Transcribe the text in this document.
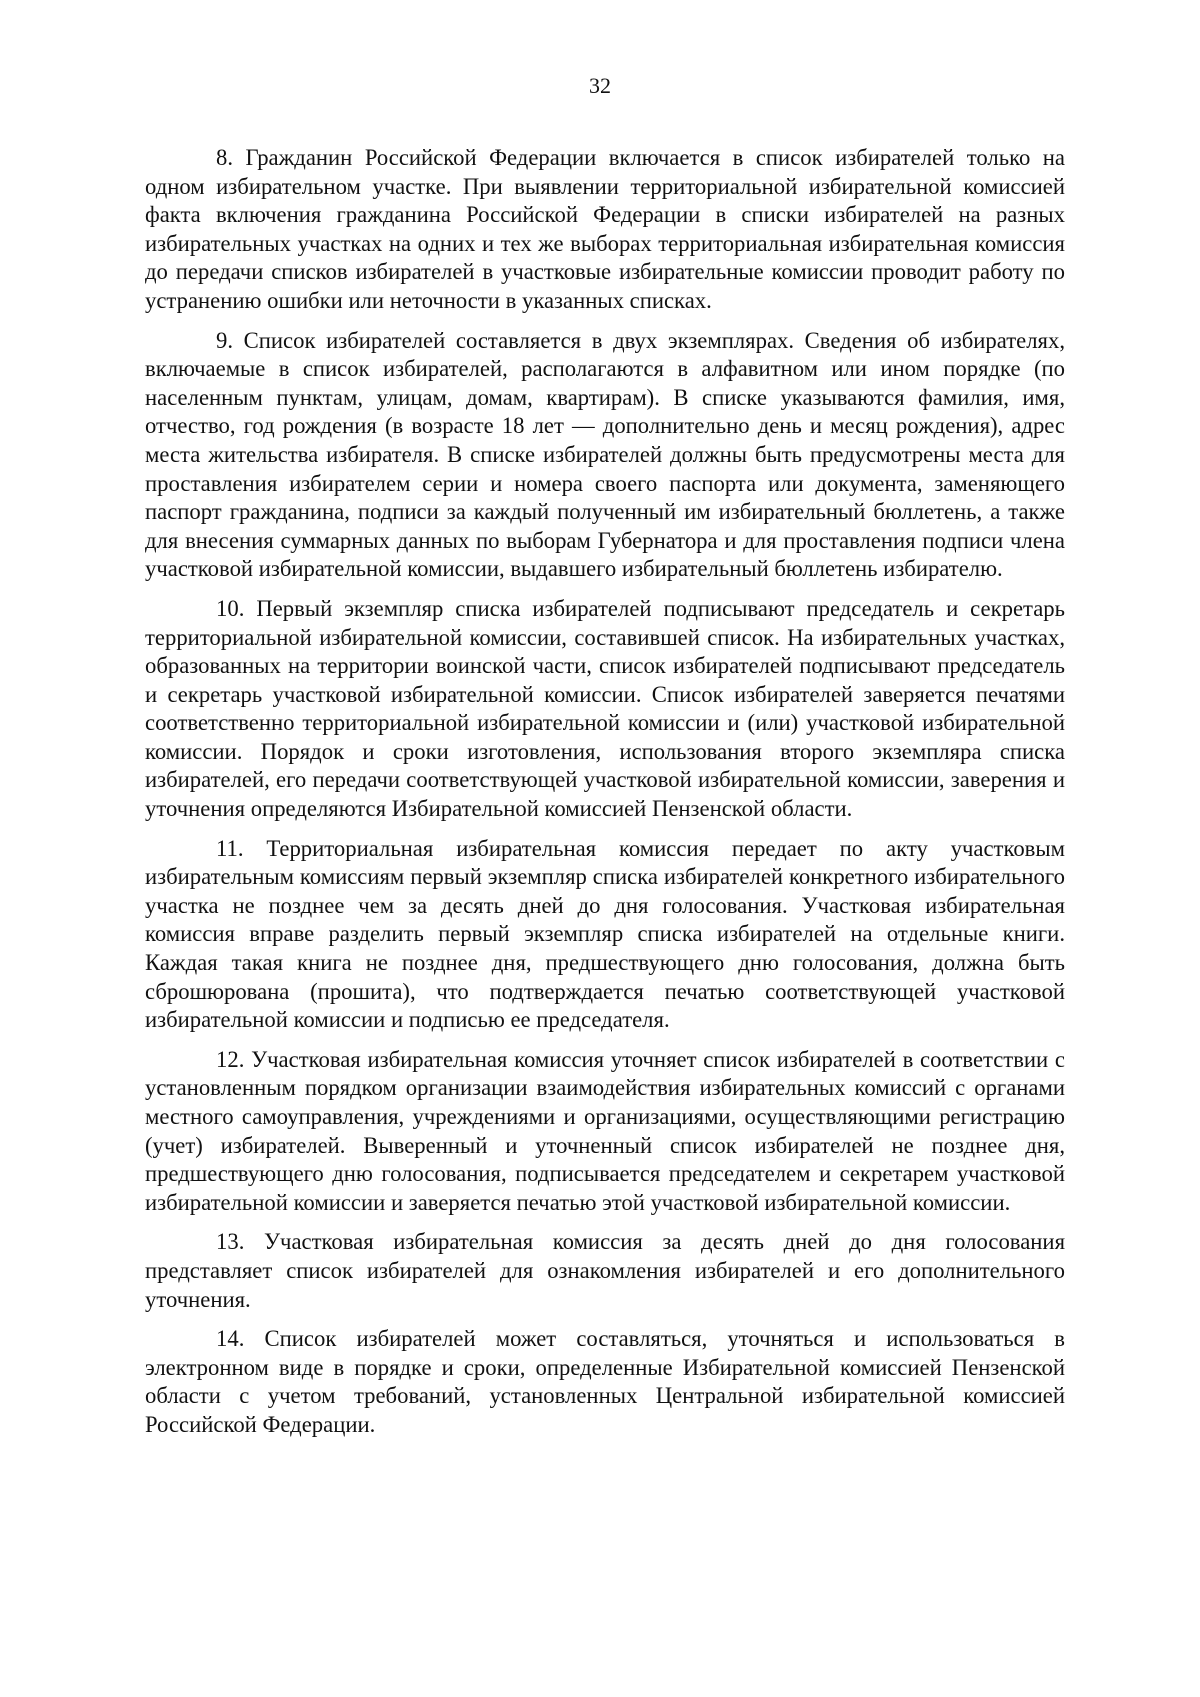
32

8. Гражданин Российской Федерации включается в список избирателей только на одном избирательном участке. При выявлении территориальной избирательной комиссией факта включения гражданина Российской Федерации в списки избирателей на разных избирательных участках на одних и тех же выборах территориальная избирательная комиссия до передачи списков избирателей в участковые избирательные комиссии проводит работу по устранению ошибки или неточности в указанных списках.

9. Список избирателей составляется в двух экземплярах. Сведения об избирателях, включаемые в список избирателей, располагаются в алфавитном или ином порядке (по населенным пунктам, улицам, домам, квартирам). В списке указываются фамилия, имя, отчество, год рождения (в возрасте 18 лет — дополнительно день и месяц рождения), адрес места жительства избирателя. В списке избирателей должны быть предусмотрены места для проставления избирателем серии и номера своего паспорта или документа, заменяющего паспорт гражданина, подписи за каждый полученный им избирательный бюллетень, а также для внесения суммарных данных по выборам Губернатора и для проставления подписи члена участковой избирательной комиссии, выдавшего избирательный бюллетень избирателю.

10. Первый экземпляр списка избирателей подписывают председатель и секретарь территориальной избирательной комиссии, составившей список. На избирательных участках, образованных на территории воинской части, список избирателей подписывают председатель и секретарь участковой избирательной комиссии. Список избирателей заверяется печатями соответственно территориальной избирательной комиссии и (или) участковой избирательной комиссии. Порядок и сроки изготовления, использования второго экземпляра списка избирателей, его передачи соответствующей участковой избирательной комиссии, заверения и уточнения определяются Избирательной комиссией Пензенской области.

11. Территориальная избирательная комиссия передает по акту участковым избирательным комиссиям первый экземпляр списка избирателей конкретного избирательного участка не позднее чем за десять дней до дня голосования. Участковая избирательная комиссия вправе разделить первый экземпляр списка избирателей на отдельные книги. Каждая такая книга не позднее дня, предшествующего дню голосования, должна быть сброшюрована (прошита), что подтверждается печатью соответствующей участковой избирательной комиссии и подписью ее председателя.

12. Участковая избирательная комиссия уточняет список избирателей в соответствии с установленным порядком организации взаимодействия избирательных комиссий с органами местного самоуправления, учреждениями и организациями, осуществляющими регистрацию (учет) избирателей. Выверенный и уточненный список избирателей не позднее дня, предшествующего дню голосования, подписывается председателем и секретарем участковой избирательной комиссии и заверяется печатью этой участковой избирательной комиссии.

13. Участковая избирательная комиссия за десять дней до дня голосования представляет список избирателей для ознакомления избирателей и его дополнительного уточнения.

14. Список избирателей может составляться, уточняться и использоваться в электронном виде в порядке и сроки, определенные Избирательной комиссией Пензенской области с учетом требований, установленных Центральной избирательной комиссией Российской Федерации.
